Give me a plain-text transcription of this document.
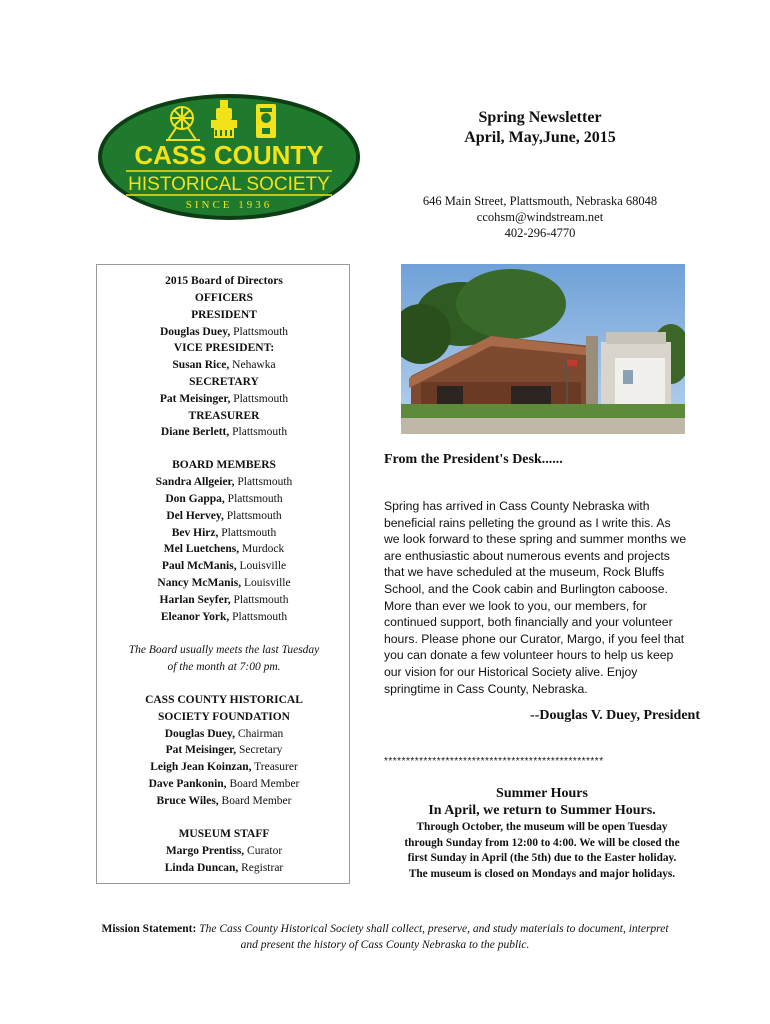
CASS COUNTY
HISTORICAL SOCIETY
SINCE 1936
Spring Newsletter
April, May,June, 2015
646 Main Street, Plattsmouth, Nebraska 68048
ccohsm@windstream.net
402-296-4770
2015 Board of Directors
OFFICERS
PRESIDENT
Douglas Duey, Plattsmouth
VICE PRESIDENT:
Susan Rice, Nehawka
SECRETARY
Pat Meisinger, Plattsmouth
TREASURER
Diane Berlett, Plattsmouth
BOARD MEMBERS
Sandra Allgeier, Plattsmouth
Don Gappa, Plattsmouth
Del Hervey, Plattsmouth
Bev Hirz, Plattsmouth
Mel Luetchens, Murdock
Paul McManis, Louisville
Nancy McManis, Louisville
Harlan Seyfer, Plattsmouth
Eleanor York, Plattsmouth
The Board usually meets the last Tuesday
of the month at 7:00 pm.
CASS COUNTY HISTORICAL
SOCIETY FOUNDATION
Douglas Duey, Chairman
Pat Meisinger, Secretary
Leigh Jean Koinzan, Treasurer
Dave Pankonin, Board Member
Bruce Wiles, Board Member
MUSEUM STAFF
Margo Prentiss, Curator
Linda Duncan, Registrar
From the President's Desk......
Spring has arrived in Cass County Nebraska with
beneficial rains pelleting the ground as I write this. As
we look forward to these spring and summer months we
are enthusiastic about numerous events and projects
that we have scheduled at the museum, Rock Bluffs
School, and the Cook cabin and Burlington caboose.
More than ever we look to you, our members, for
continued support, both financially and your volunteer
hours. Please phone our Curator, Margo, if you feel that
you can donate a few volunteer hours to help us keep
our vision for our Historical Society alive. Enjoy
springtime in Cass County, Nebraska.
--Douglas V. Duey, President
**************************************************
Summer Hours
In April, we return to Summer Hours.
Through October, the museum will be open Tuesday
through Sunday from 12:00 to 4:00. We will be closed the
first Sunday in April (the 5th) due to the Easter holiday.
The museum is closed on Mondays and major holidays.
Mission Statement: The Cass County Historical Society shall collect, preserve, and study materials to document, interpret
and present the history of Cass County Nebraska to the public.
